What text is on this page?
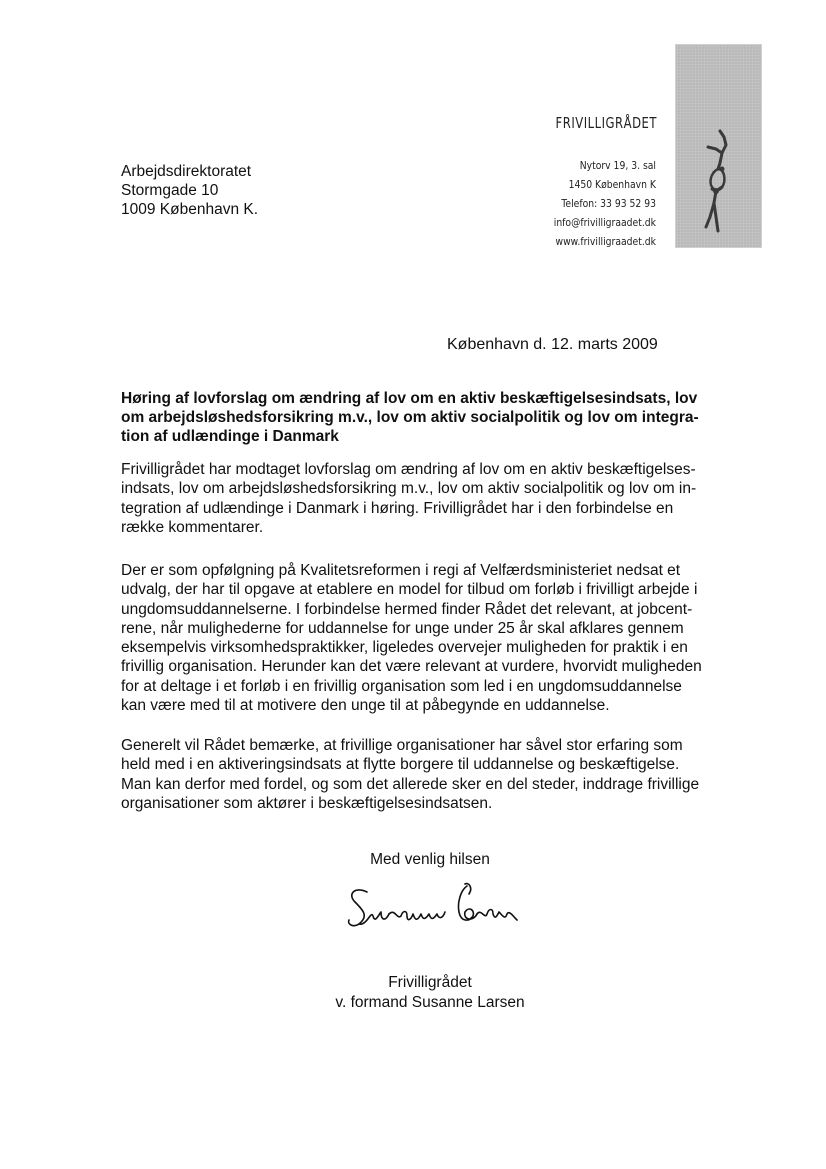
FRIVILLIGRÅDET
Nytorv 19, 3. sal
1450 København K
Telefon: 33 93 52 93
info@frivilligraadet.dk
www.frivilligraadet.dk
Arbejdsdirektoratet
Stormgade 10
1009 København K.
København d. 12. marts 2009
Høring af lovforslag om ændring af lov om en aktiv beskæftigelsesindsats, lov
om arbejdsløshedsforsikring m.v., lov om aktiv socialpolitik og lov om integra-
tion af udlændinge i Danmark
Frivilligrådet har modtaget lovforslag om ændring af lov om en aktiv beskæftigelses-
indsats, lov om arbejdsløshedsforsikring m.v., lov om aktiv socialpolitik og lov om in-
tegration af udlændinge i Danmark i høring. Frivilligrådet har i den forbindelse en
række kommentarer.
Der er som opfølgning på Kvalitetsreformen i regi af Velfærdsministeriet nedsat et
udvalg, der har til opgave at etablere en model for tilbud om forløb i frivilligt arbejde i
ungdomsuddannelserne. I forbindelse hermed finder Rådet det relevant, at jobcent-
rene, når mulighederne for uddannelse for unge under 25 år skal afklares gennem
eksempelvis virksomhedspraktikker, ligeledes overvejer muligheden for praktik i en
frivillig organisation. Herunder kan det være relevant at vurdere, hvorvidt muligheden
for at deltage i et forløb i en frivillig organisation som led i en ungdomsuddannelse
kan være med til at motivere den unge til at påbegynde en uddannelse.
Generelt vil Rådet bemærke, at frivillige organisationer har såvel stor erfaring som
held med i en aktiveringsindsats at flytte borgere til uddannelse og beskæftigelse.
Man kan derfor med fordel, og som det allerede sker en del steder, inddrage frivillige
organisationer som aktører i beskæftigelsesindsatsen.
Med venlig hilsen
Frivilligrådet
v. formand Susanne Larsen
